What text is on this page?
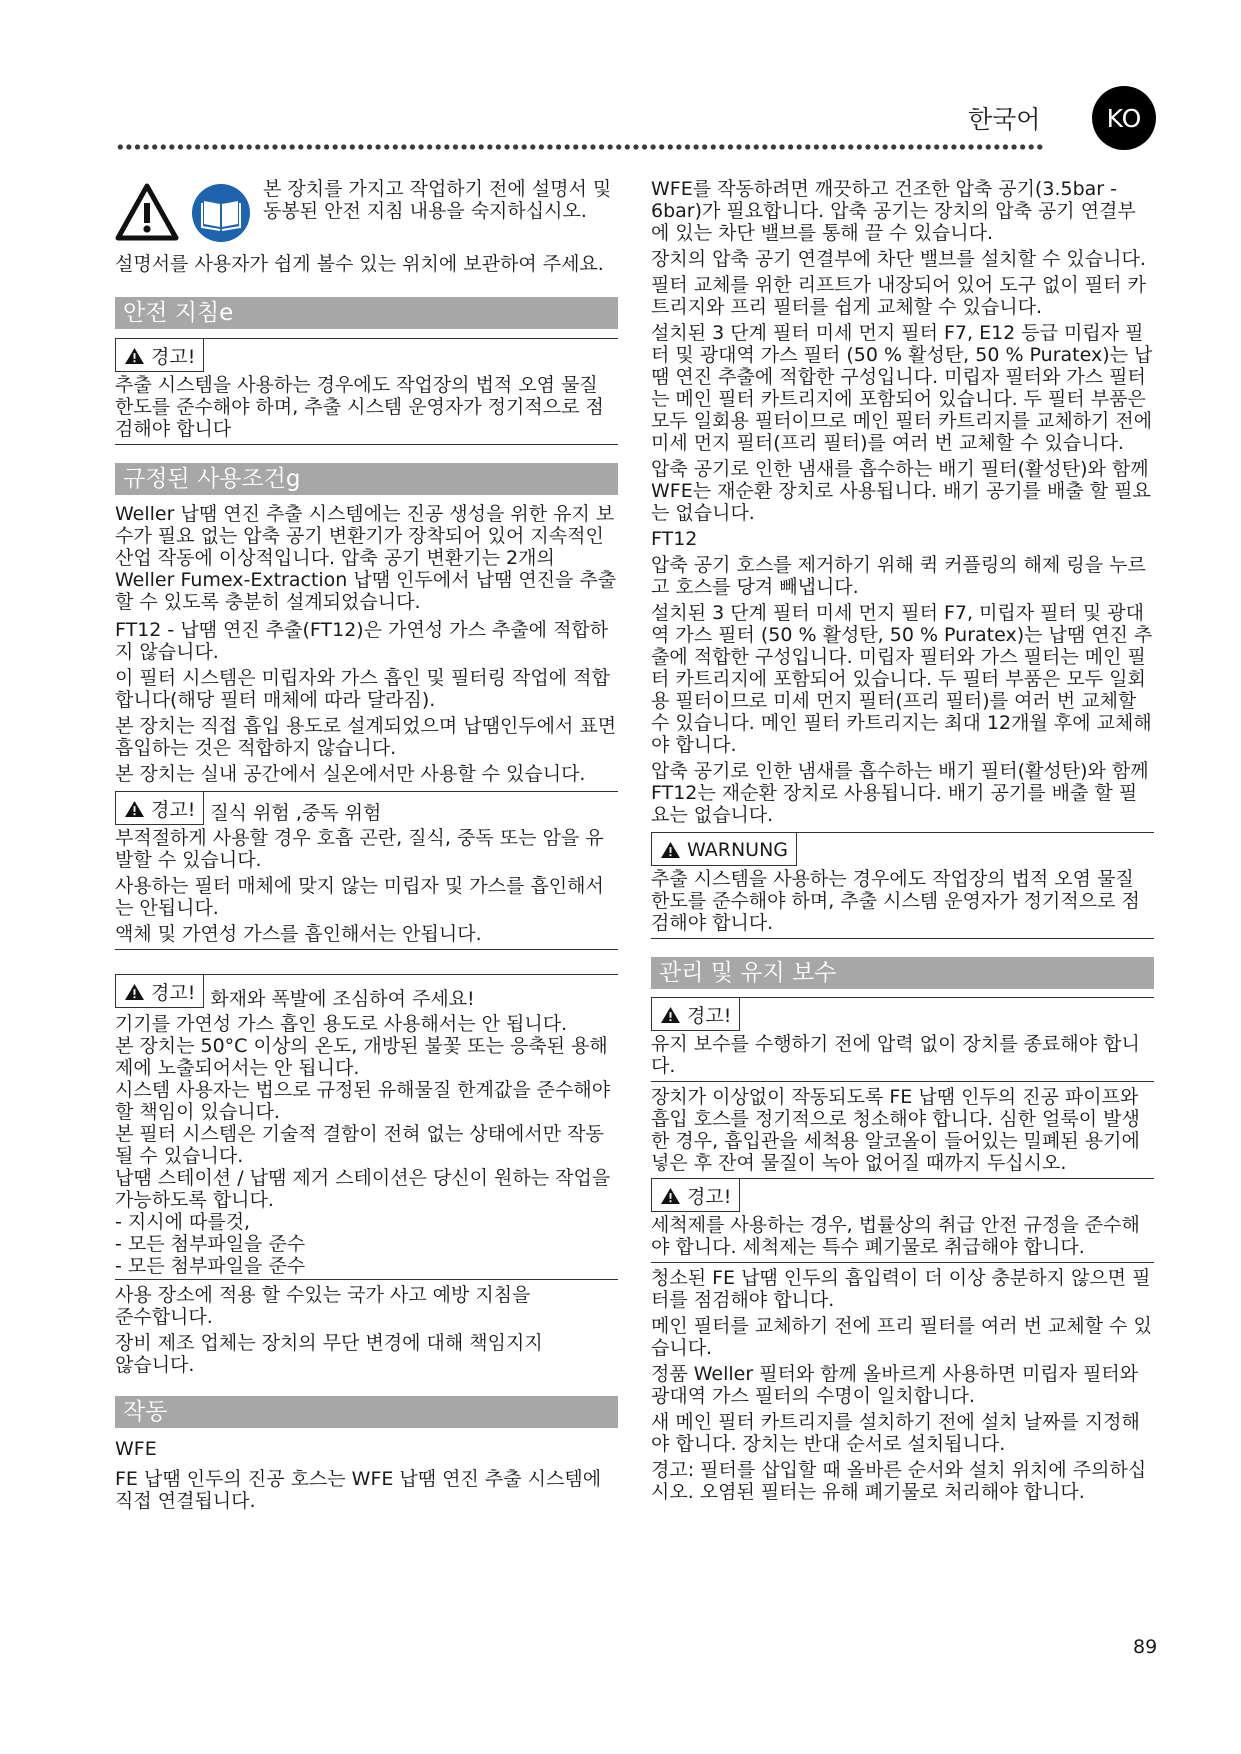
한국어	KO
본 장치를 가지고 작업하기 전에 설명서 및 동봉된 안전 지침 내용을 숙지하십시오.
설명서를 사용자가 쉽게 볼수 있는 위치에 보관하여 주세요.
안전 지침e
경고!
추출 시스템을 사용하는 경우에도 작업장의 법적 오염 물질 한도를 준수해야 하며, 추출 시스템 운영자가 정기적으로 점검해야 합니다
규정된 사용조건g
Weller 납땜 연진 추출 시스템에는 진공 생성을 위한 유지 보수가 필요 없는 압축 공기 변환기가 장착되어 있어 지속적인 산업 작동에 이상적입니다. 압축 공기 변환기는 2개의 Weller Fumex-Extraction 납땜 인두에서 납땜 연진을 추출할 수 있도록 충분히 설계되었습니다.
FT12 - 납땜 연진 추출(FT12)은 가연성 가스 추출에 적합하지 않습니다.
이 필터 시스템은 미립자와 가스 흡인 및 필터링 작업에 적합합니다(해당 필터 매체에 따라 달라짐).
본 장치는 직접 흡입 용도로 설계되었으며 납땜인두에서 표면 흡입하는 것은 적합하지 않습니다.
본 장치는 실내 공간에서 실온에서만 사용할 수 있습니다.
경고! 질식 위험 ,중독 위험
부적절하게 사용할 경우 호흡 곤란, 질식, 중독 또는 암을 유발할 수 있습니다.
사용하는 필터 매체에 맞지 않는 미립자 및 가스를 흡인해서는 안됩니다.
액체 및 가연성 가스를 흡인해서는 안됩니다.
경고! 화재와 폭발에 조심하여 주세요!
기기를 가연성 가스 흡인 용도로 사용해서는 안 됩니다.
본 장치는 50°C 이상의 온도, 개방된 불꽃 또는 응축된 용해제에 노출되어서는 안 됩니다.
시스템 사용자는 법으로 규정된 유해물질 한계값을 준수해야 할 책임이 있습니다.
본 필터 시스템은 기술적 결함이 전혀 없는 상태에서만 작동될 수 있습니다.
납땜 스테이션 / 납땜 제거 스테이션은 당신이 원하는 작업을 가능하도록 합니다.
- 지시에 따를것,
- 모든 첨부파일을 준수
- 모든 첨부파일을 준수
사용 장소에 적용 할 수있는 국가 사고 예방 지침을 준수합니다.
장비 제조 업체는 장치의 무단 변경에 대해 책임지지 않습니다.
작동
WFE
FE 납땜 인두의 진공 호스는 WFE 납땜 연진 추출 시스템에 직접 연결됩니다.
WFE를 작동하려면 깨끗하고 건조한 압축 공기(3.5bar - 6bar)가 필요합니다. 압축 공기는 장치의 압축 공기 연결부에 있는 차단 밸브를 통해 끌 수 있습니다.
장치의 압축 공기 연결부에 차단 밸브를 설치할 수 있습니다.
필터 교체를 위한 리프트가 내장되어 있어 도구 없이 필터 카트리지와 프리 필터를 쉽게 교체할 수 있습니다.
설치된 3 단계 필터 미세 먼지 필터 F7, E12 등급 미립자 필터 및 광대역 가스 필터 (50 % 활성탄, 50 % Puratex)는 납땜 연진 추출에 적합한 구성입니다. 미립자 필터와 가스 필터는 메인 필터 카트리지에 포함되어 있습니다. 두 필터 부품은 모두 일회용 필터이므로 메인 필터 카트리지를 교체하기 전에 미세 먼지 필터(프리 필터)를 여러 번 교체할 수 있습니다.
압축 공기로 인한 냄새를 흡수하는 배기 필터(활성탄)와 함께 WFE는 재순환 장치로 사용됩니다. 배기 공기를 배출 할 필요는 없습니다.
FT12
압축 공기 호스를 제거하기 위해 퀵 커플링의 해제 링을 누르고 호스를 당겨 빼냅니다.
설치된 3 단계 필터 미세 먼지 필터 F7, 미립자 필터 및 광대역 가스 필터 (50 % 활성탄, 50 % Puratex)는 납땜 연진 추출에 적합한 구성입니다. 미립자 필터와 가스 필터는 메인 필터 카트리지에 포함되어 있습니다. 두 필터 부품은 모두 일회용 필터이므로 미세 먼지 필터(프리 필터)를 여러 번 교체할 수 있습니다. 메인 필터 카트리지는 최대 12개월 후에 교체해야 합니다.
압축 공기로 인한 냄새를 흡수하는 배기 필터(활성탄)와 함께 FT12는 재순환 장치로 사용됩니다. 배기 공기를 배출 할 필요는 없습니다.
WARNUNG
추출 시스템을 사용하는 경우에도 작업장의 법적 오염 물질 한도를 준수해야 하며, 추출 시스템 운영자가 정기적으로 점검해야 합니다.
관리 및 유지 보수
경고!
유지 보수를 수행하기 전에 압력 없이 장치를 종료해야 합니다.
장치가 이상없이 작동되도록 FE 납땜 인두의 진공 파이프와 흡입 호스를 정기적으로 청소해야 합니다. 심한 얼룩이 발생한 경우, 흡입관을 세척용 알코올이 들어있는 밀폐된 용기에 넣은 후 잔여 물질이 녹아 없어질 때까지 두십시오.
경고!
세척제를 사용하는 경우, 법률상의 취급 안전 규정을 준수해야 합니다. 세척제는 특수 폐기물로 취급해야 합니다.
청소된 FE 납땜 인두의 흡입력이 더 이상 충분하지 않으면 필터를 점검해야 합니다.
메인 필터를 교체하기 전에 프리 필터를 여러 번 교체할 수 있습니다.
정품 Weller 필터와 함께 올바르게 사용하면 미립자 필터와 광대역 가스 필터의 수명이 일치합니다.
새 메인 필터 카트리지를 설치하기 전에 설치 날짜를 지정해야 합니다. 장치는 반대 순서로 설치됩니다.
경고: 필터를 삽입할 때 올바른 순서와 설치 위치에 주의하십시오. 오염된 필터는 유해 폐기물로 처리해야 합니다.
89
